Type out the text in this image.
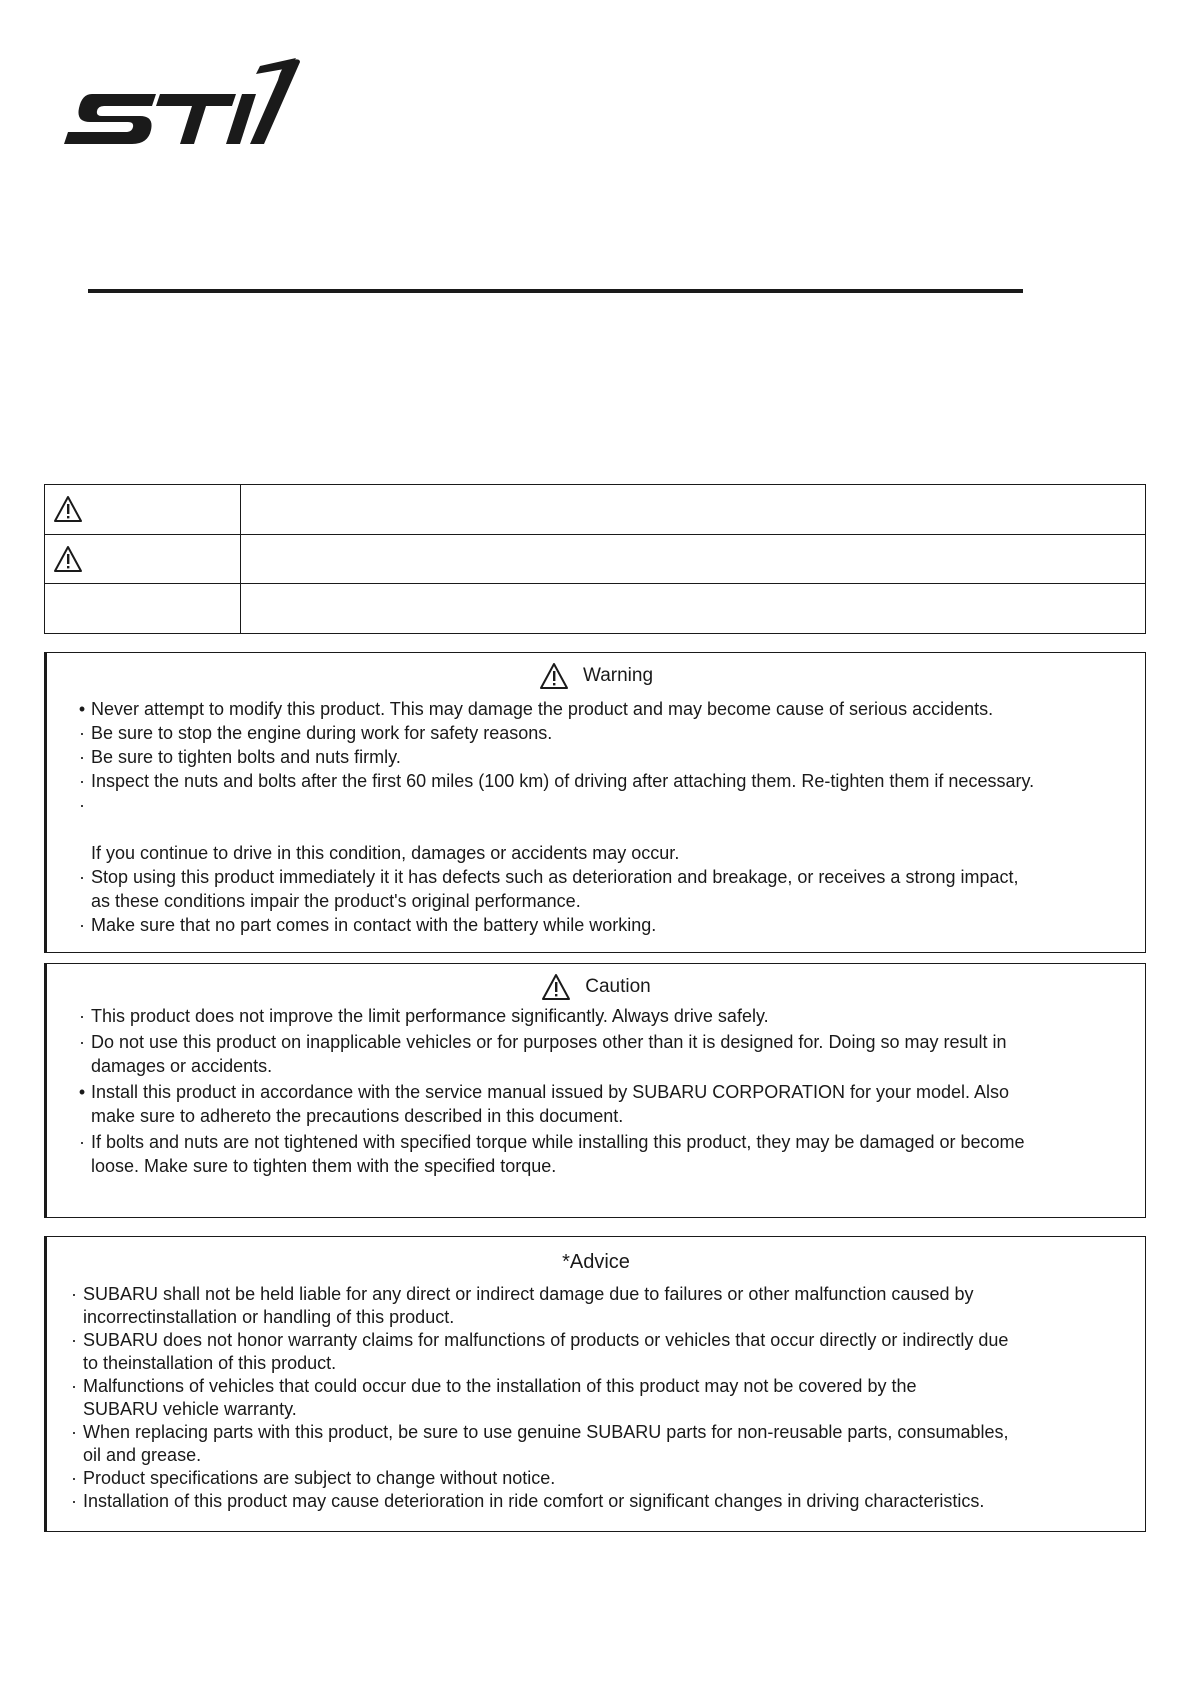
Warning
• Never attempt to modify this product. This may damage the product and may become cause of serious accidents.
· Be sure to stop the engine during work for safety reasons.
· Be sure to tighten bolts and nuts firmly.
· Inspect the nuts and bolts after the first 60 miles (100 km) of driving after attaching them. Re-tighten them if necessary.
·
If you continue to drive in this condition, damages or accidents may occur.
· Stop using this product immediately it it has defects such as deterioration and breakage, or receives a strong impact,
as these conditions impair the product's original performance.
· Make sure that no part comes in contact with the battery while working.
Caution
· This product does not improve the limit performance significantly. Always drive safely.
· Do not use this product on inapplicable vehicles or for purposes other than it is designed for. Doing so may result in
damages or accidents.
• Install this product in accordance with the service manual issued by SUBARU CORPORATION for your model. Also
make sure to adhereto the precautions described in this document.
· If bolts and nuts are not tightened with specified torque while installing this product, they may be damaged or become
loose. Make sure to tighten them with the specified torque.
*Advice
· SUBARU shall not be held liable for any direct or indirect damage due to failures or other malfunction caused by
incorrectinstallation or handling of this product.
· SUBARU does not honor warranty claims for malfunctions of products or vehicles that occur directly or indirectly due
to theinstallation of this product.
· Malfunctions of vehicles that could occur due to the installation of this product may not be covered by the
SUBARU vehicle warranty.
· When replacing parts with this product, be sure to use genuine SUBARU parts for non-reusable parts, consumables,
oil and grease.
· Product specifications are subject to change without notice.
· Installation of this product may cause deterioration in ride comfort or significant changes in driving characteristics.
